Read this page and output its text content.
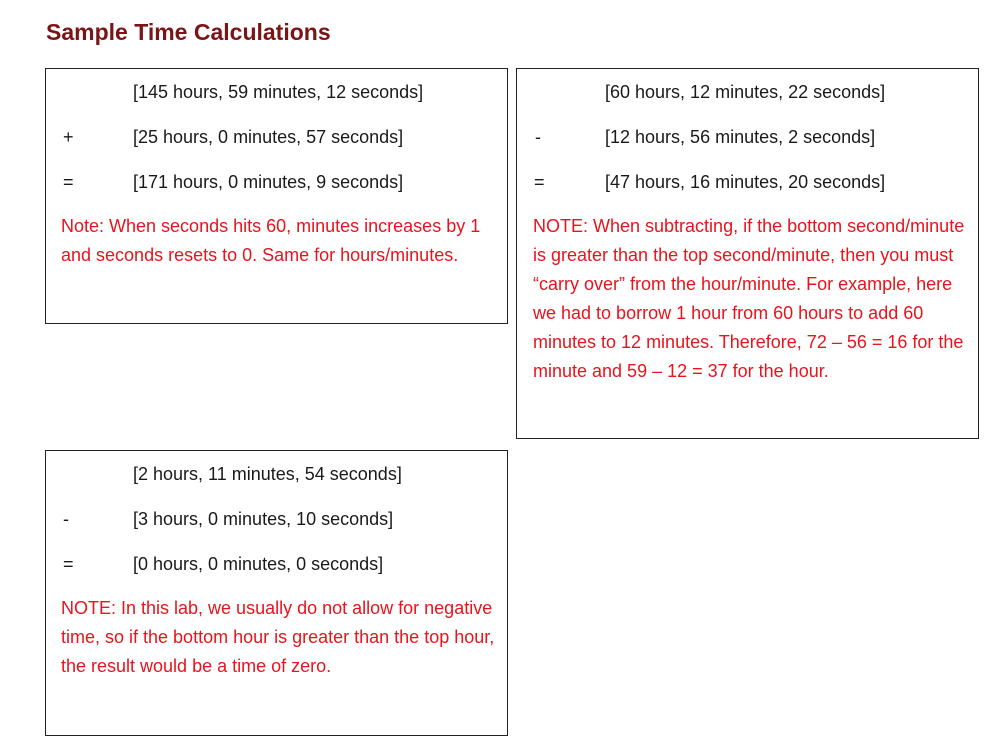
Sample Time Calculations
[145 hours, 59 minutes, 12 seconds]
+	[25 hours, 0 minutes, 57 seconds]
=	[171 hours, 0 minutes, 9 seconds]
Note: When seconds hits 60, minutes increases by 1 and seconds resets to 0. Same for hours/minutes.
[60 hours, 12 minutes, 22 seconds]
-	[12 hours, 56 minutes, 2 seconds]
=	[47 hours, 16 minutes, 20 seconds]
NOTE: When subtracting, if the bottom second/minute is greater than the top second/minute, then you must “carry over” from the hour/minute. For example, here we had to borrow 1 hour from 60 hours to add 60 minutes to 12 minutes. Therefore, 72 – 56 = 16 for the minute and 59 – 12 = 37 for the hour.
[2 hours, 11 minutes, 54 seconds]
-	[3 hours, 0 minutes, 10 seconds]
=	[0 hours, 0 minutes, 0 seconds]
NOTE: In this lab, we usually do not allow for negative time, so if the bottom hour is greater than the top hour, the result would be a time of zero.
